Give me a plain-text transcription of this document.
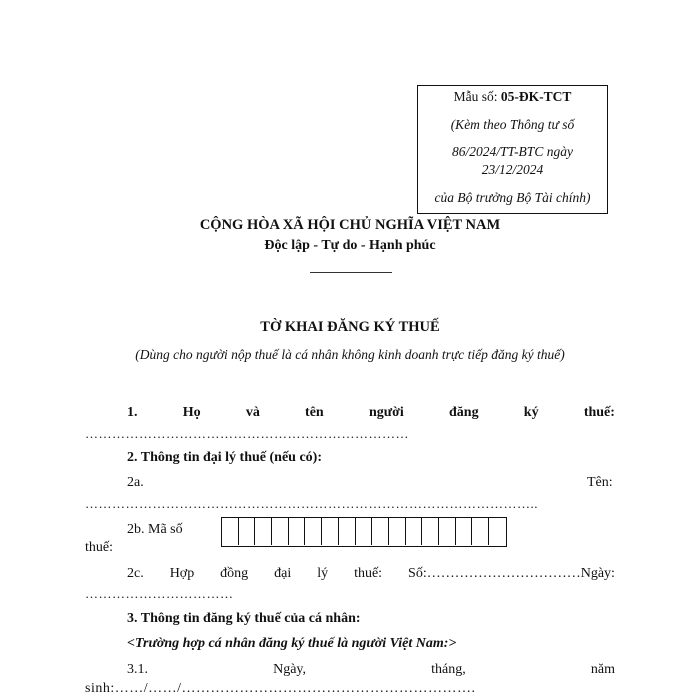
Mẫu số: 05-ĐK-TCT
(Kèm theo Thông tư số
86/2024/TT-BTC ngày
23/12/2024
của Bộ trưởng Bộ Tài chính)
CỘNG HÒA XÃ HỘI CHỦ NGHĨA VIỆT NAM
Độc lập - Tự do - Hạnh phúc
TỜ KHAI ĐĂNG KÝ THUẾ
(Dùng cho người nộp thuế là cá nhân không kinh doanh trực tiếp đăng ký thuế)
1.	Họ	và	tên	người	đăng	ký	thuế:
………………………………………………………………
2. Thông tin đại lý thuế (nếu có):
2a.	Tên:
………………………………………………………………………………………..
2b. Mã số
thuế:
2c. Hợp đồng đại lý thuế: Số:……………………………Ngày:
……………………………
3. Thông tin đăng ký thuế của cá nhân:
<Trường hợp cá nhân đăng ký thuế là người Việt Nam:>
3.1.	Ngày,	tháng,	năm
sinh:……/……/…………………………………………………….
